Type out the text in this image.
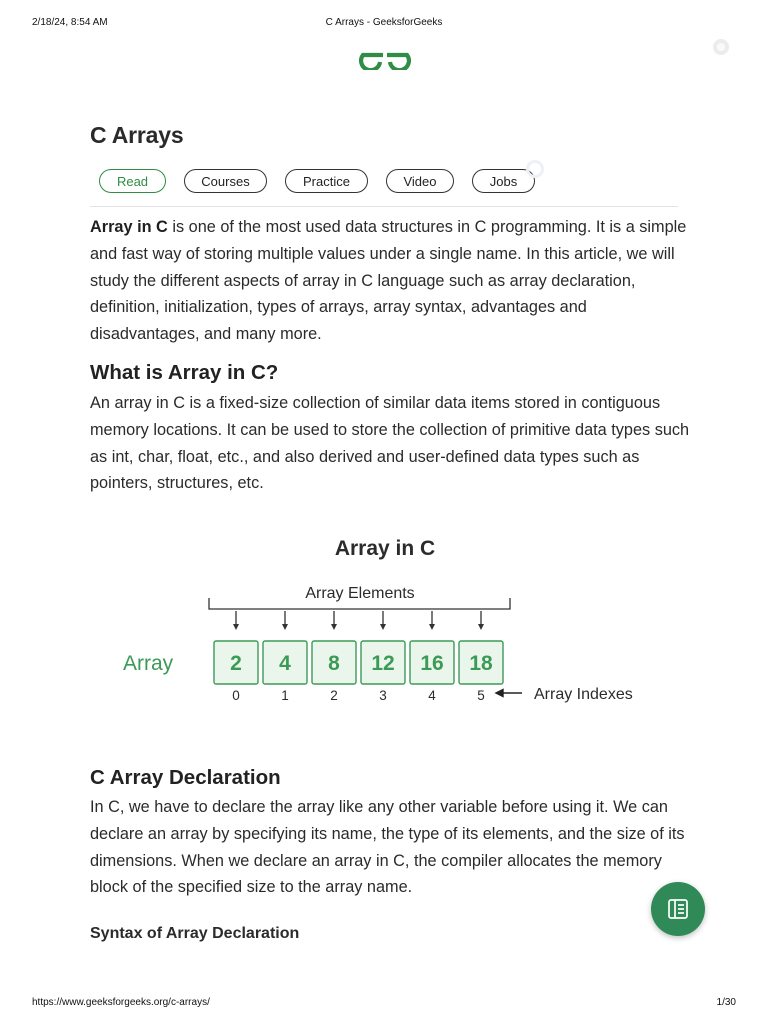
2/18/24, 8:54 AM	C Arrays - GeeksforGeeks
C Arrays
Read	Courses	Practice	Video	Jobs

Array in C is one of the most used data structures in C programming. It is a simple and fast way of storing multiple values under a single name. In this article, we will study the different aspects of array in C language such as array declaration, definition, initialization, types of arrays, array syntax, advantages and disadvantages, and many more.

What is Array in C?

An array in C is a fixed-size collection of similar data items stored in contiguous memory locations. It can be used to store the collection of primitive data types such as int, char, float, etc., and also derived and user-defined data types such as pointers, structures, etc.

Array in C
Array Elements
Array	2 4 8 12 16 18
0	1	2	3	4	5	Array Indexes
C Array Declaration

In C, we have to declare the array like any other variable before using it. We can declare an array by specifying its name, the type of its elements, and the size of its dimensions. When we declare an array in C, the compiler allocates the memory block of the specified size to the array name.

Syntax of Array Declaration
https://www.geeksforgeeks.org/c-arrays/	1/30
